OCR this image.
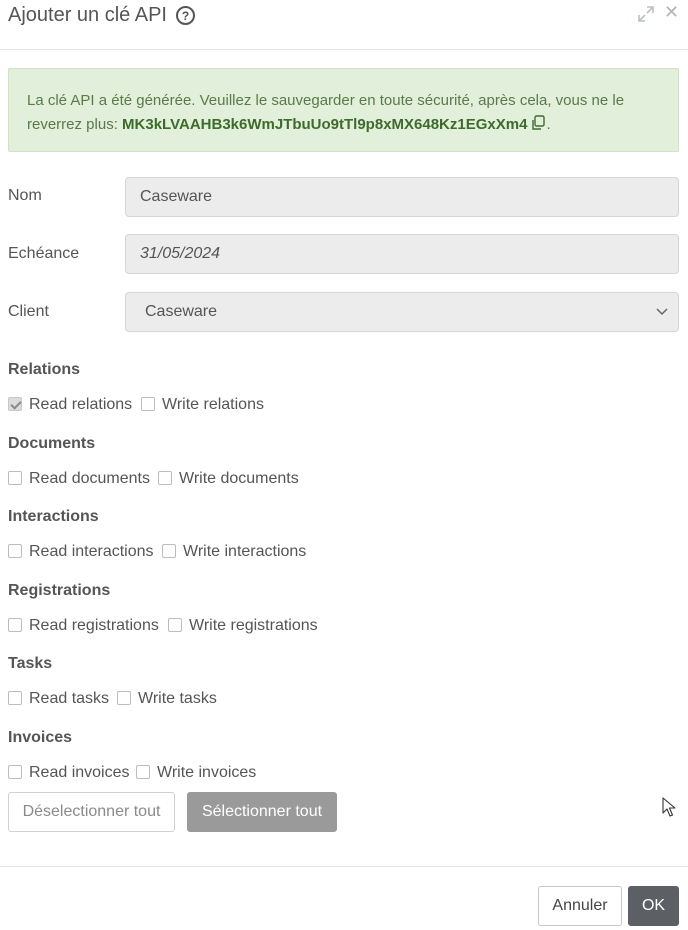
Ajouter un clé API	?	✕
La clé API a été générée. Veuillez le sauvegarder en toute sécurité, après cela, vous ne le reverrez plus: MK3kLVAAHB3k6WmJTbuUo9tTl9p8xMX648Kz1EGxXm4 .
Nom	Caseware
Echéance	31/05/2024
Client	Caseware
Relations
Read relations Write relations
Documents
Read documents Write documents
Interactions
Read interactions Write interactions
Registrations
Read registrations Write registrations
Tasks
Read tasks Write tasks
Invoices
Read invoices Write invoices
Déselectionner tout	Sélectionner tout
Annuler	OK
